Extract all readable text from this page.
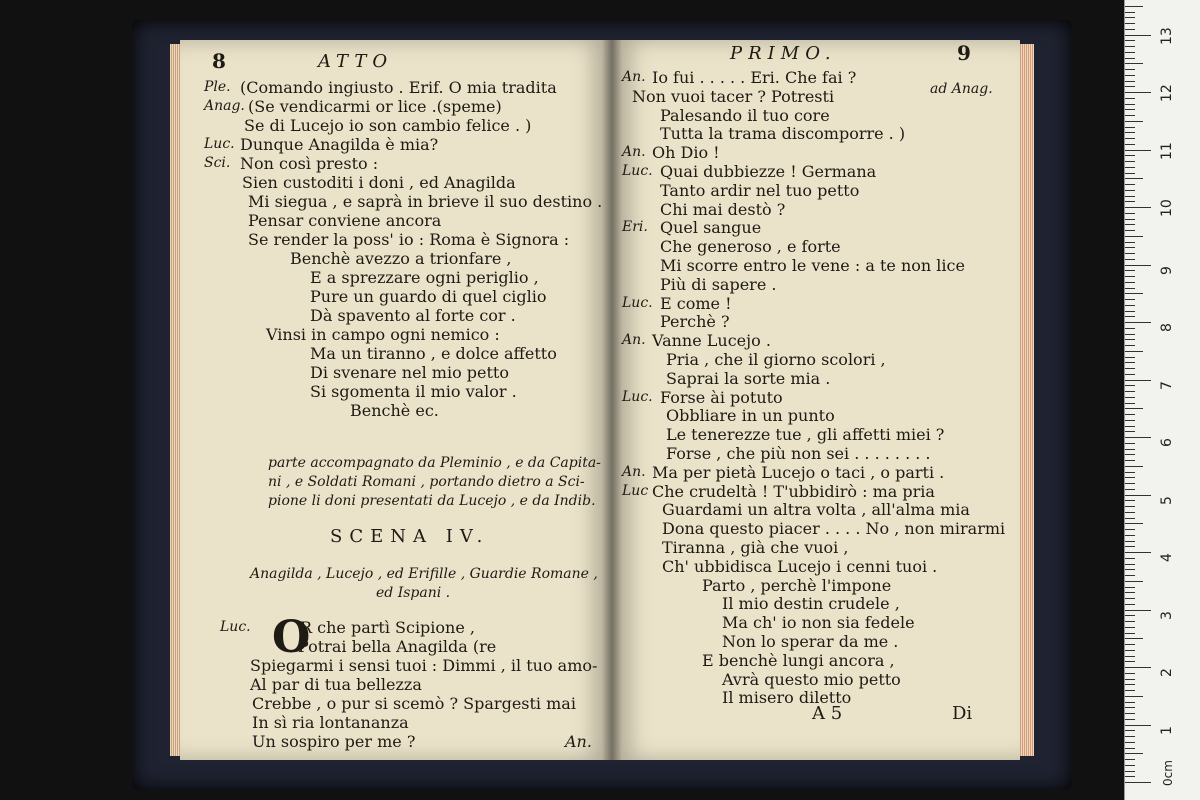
8	ATTO
Ple. (Comando ingiusto . Erif. O mia tradita
Anag. (Se vendicarmi or lice .(speme)
Se di Lucejo io son cambio felice . )
Luc. Dunque Anagilda è mia?
Sci. Non così presto :
Sien custoditi i doni , ed Anagilda
Mi siegua , e saprà in brieve il suo destino .
Pensar conviene ancora
Se render la poss' io : Roma è Signora :
Benchè avezzo a trionfare ,
E a sprezzare ogni periglio ,
Pure un guardo di quel ciglio
Dà spavento al forte cor .
Vinsi in campo ogni nemico :
Ma un tiranno , e dolce affetto
Di svenare nel mio petto
Si sgomenta il mio valor .
Benchè ec.
parte accompagnato da Pleminio , e da Capita-
ni , e Soldati Romani , portando dietro a Sci-
pione li doni presentati da Lucejo , e da Indib.
SCENA IV.
Anagilda , Lucejo , ed Erifille , Guardie Romane ,
ed Ispani .
O
Luc.	R che partì Scipione ,
Potrai bella Anagilda (re
Spiegarmi i sensi tuoi : Dimmi , il tuo amo-
Al par di tua bellezza
Crebbe , o pur si scemò ? Spargesti mai
In sì ria lontananza
Un sospiro per me ?	An.
PRIMO.	9
ad Anag.
An. Io fui . . . . . Eri. Che fai ?
Non vuoi tacer ? Potresti
Palesando il tuo core
Tutta la trama discomporre . )
An. Oh Dio !
Luc. Quai dubbiezze ! Germana
Tanto ardir nel tuo petto
Chi mai destò ?
Eri. Quel sangue
Che generoso , e forte
Mi scorre entro le vene : a te non lice
Più di sapere .
Luc. E come !
Perchè ?
An. Vanne Lucejo .
Pria , che il giorno scolori ,
Saprai la sorte mia .
Luc. Forse ài potuto
Obbliare in un punto
Le tenerezze tue , gli affetti miei ?
Forse , che più non sei . . . . . . . .
An. Ma per pietà Lucejo o taci , o parti .
Luc Che crudeltà ! T'ubbidirò : ma pria
Guardami un altra volta , all'alma mia
Dona questo piacer . . . . No , non mirarmi
Tiranna , già che vuoi ,
Ch' ubbidisca Lucejo i cenni tuoi .
Parto , perchè l'impone
Il mio destin crudele ,
Ma ch' io non sia fedele
Non lo sperar da me .
E benchè lungi ancora ,
Avrà questo mio petto
Il misero diletto
A 5	Di
13
12
11
10
9
8
7
6
5
4
3
2
1
0cm
